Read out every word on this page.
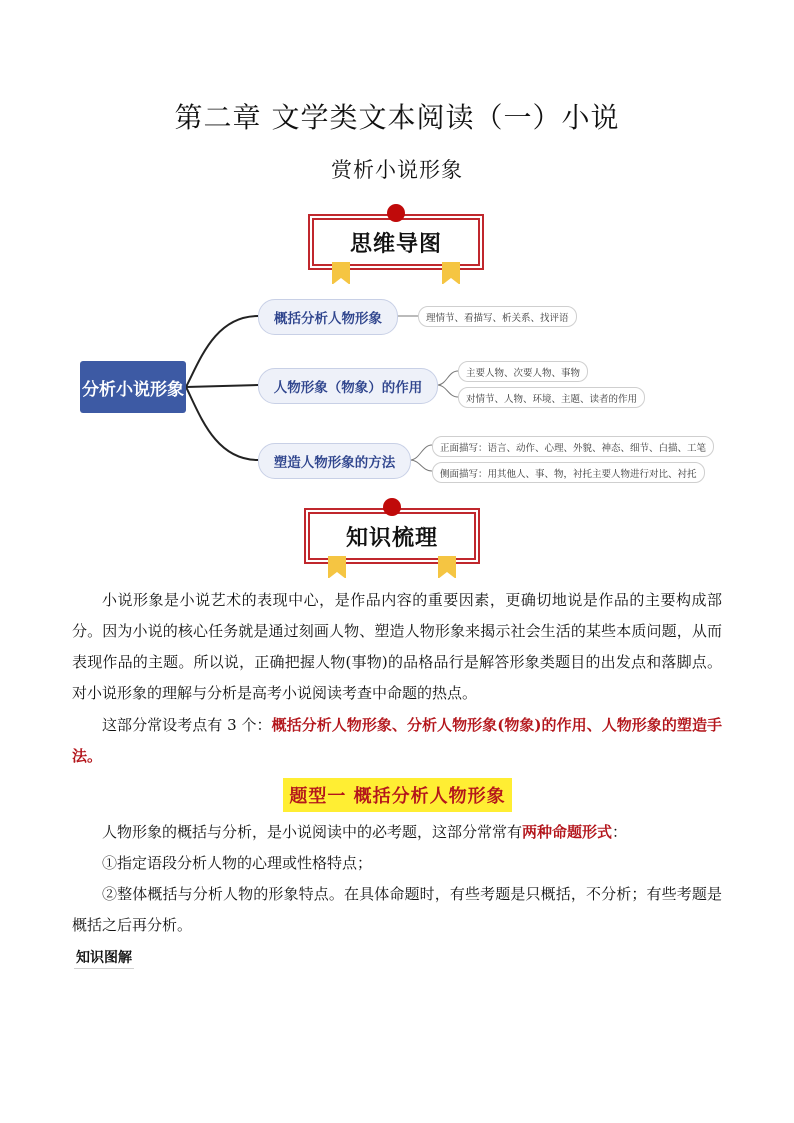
第二章 文学类文本阅读（一）小说
赏析小说形象
思维导图
分析小说形象
概括分析人物形象
人物形象（物象）的作用
塑造人物形象的方法
理情节、看描写、析关系、找评语
主要人物、次要人物、事物
对情节、人物、环境、主题、读者的作用
正面描写：语言、动作、心理、外貌、神态、细节、白描、工笔
侧面描写：用其他人、事、物，衬托主要人物进行对比、衬托
知识梳理
小说形象是小说艺术的表现中心，是作品内容的重要因素，更确切地说是作品的主要构成部分。因为小说的核心任务就是通过刻画人物、塑造人物形象来揭示社会生活的某些本质问题，从而表现作品的主题。所以说，正确把握人物(事物)的品格品行是解答形象类题目的出发点和落脚点。对小说形象的理解与分析是高考小说阅读考查中命题的热点。
这部分常设考点有 3 个：概括分析人物形象、分析人物形象(物象)的作用、人物形象的塑造手法。
题型一 概括分析人物形象
人物形象的概括与分析，是小说阅读中的必考题，这部分常常有两种命题形式：
①指定语段分析人物的心理或性格特点；
②整体概括与分析人物的形象特点。在具体命题时，有些考题是只概括，不分析；有些考题是概括之后再分析。
知识图解
